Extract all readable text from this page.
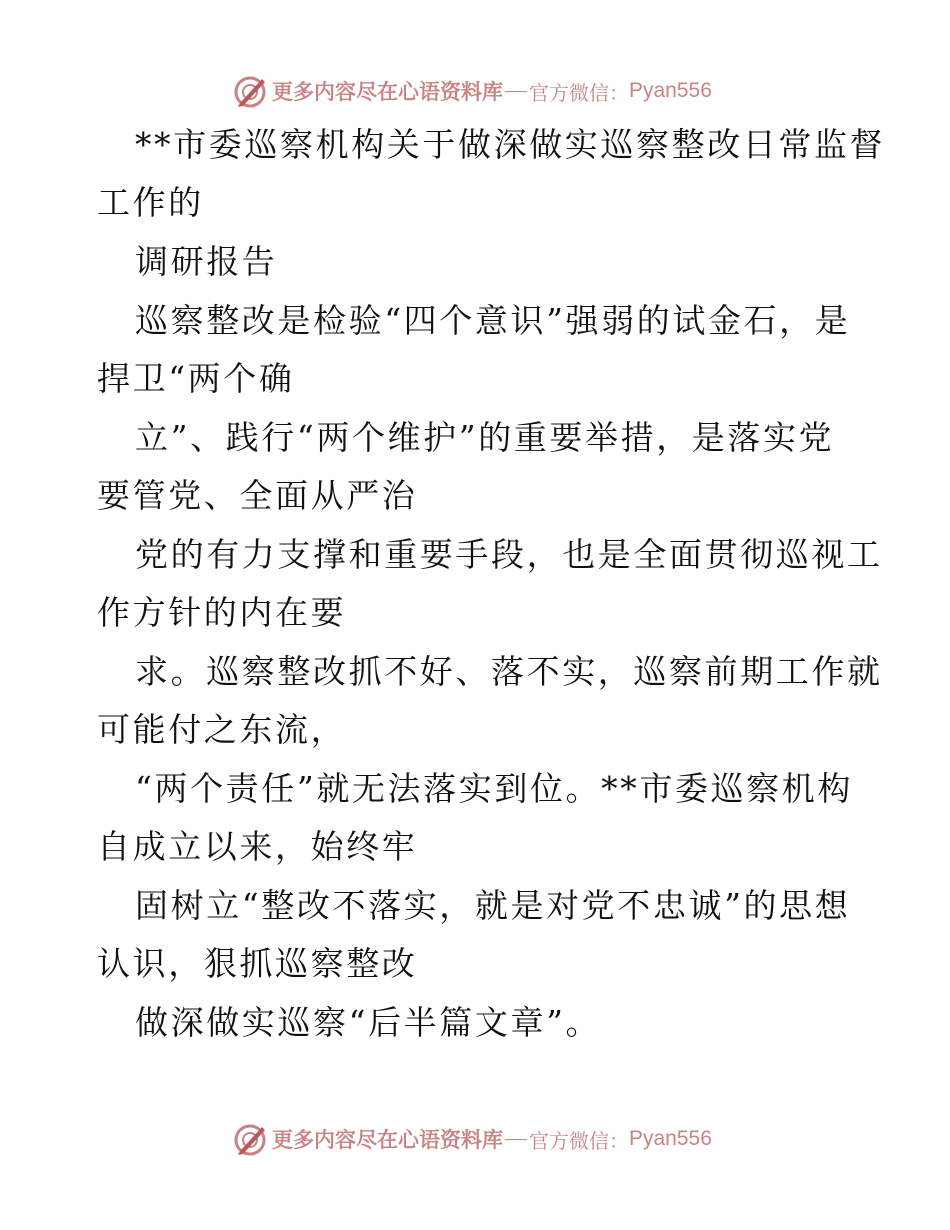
更多内容尽在心语资料库 官方微信： Pyan556
**市委巡察机构关于做深做实巡察整改日常监督
工作的
调研报告
巡察整改是检验“四个意识”强弱的试金石，是
捍卫“两个确
立”、践行“两个维护”的重要举措，是落实党
要管党、全面从严治
党的有力支撑和重要手段，也是全面贯彻巡视工
作方针的内在要
求。巡察整改抓不好、落不实，巡察前期工作就
可能付之东流，
“两个责任”就无法落实到位。**市委巡察机构
自成立以来，始终牢
固树立“整改不落实，就是对党不忠诚”的思想
认识，狠抓巡察整改
做深做实巡察“后半篇文章”。
更多内容尽在心语资料库 官方微信： Pyan556
